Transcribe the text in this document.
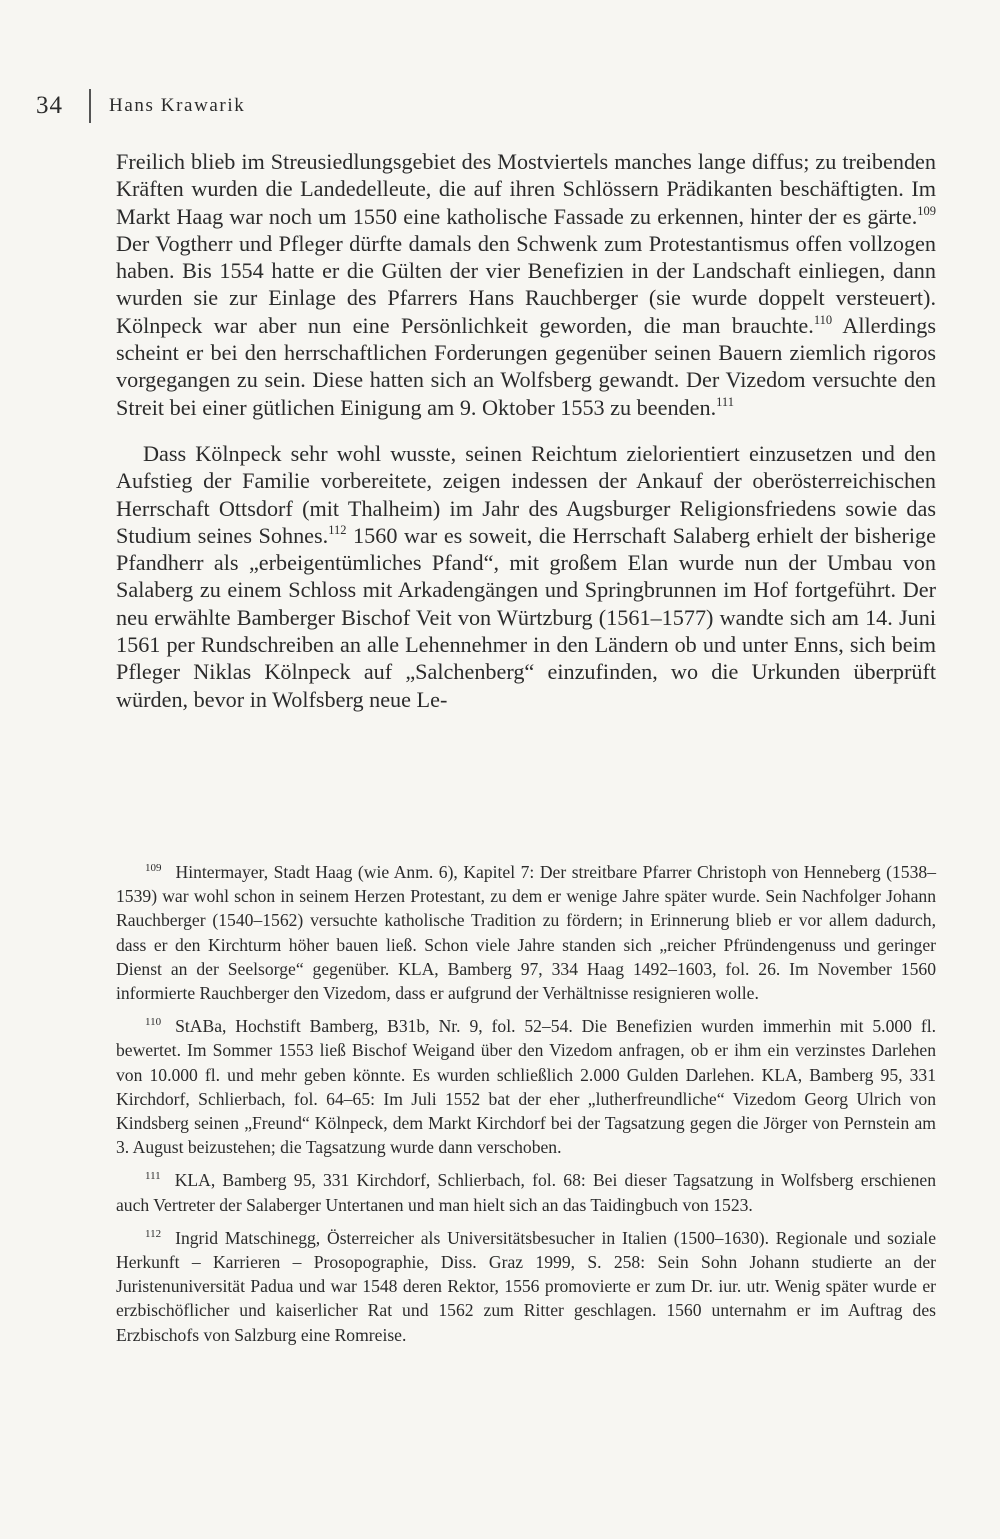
34 Hans Krawarik

Freilich blieb im Streusiedlungsgebiet des Mostviertels manches lange diffus; zu treibenden Kräften wurden die Landedelleute, die auf ihren Schlössern Prädikanten beschäftigten. Im Markt Haag war noch um 1550 eine katholische Fassade zu erkennen, hinter der es gärte.$^{109}$ Der Vogtherr und Pfleger dürfte damals den Schwenk zum Protestantismus offen vollzogen haben. Bis 1554 hatte er die Gülten der vier Benefizien in der Landschaft einliegen, dann wurden sie zur Einlage des Pfarrers Hans Rauchberger (sie wurde doppelt versteuert). Kölnpeck war aber nun eine Persönlichkeit geworden, die man brauchte.$^{110}$ Allerdings scheint er bei den herrschaftlichen Forderungen gegenüber seinen Bauern ziemlich rigoros vorgegangen zu sein. Diese hatten sich an Wolfsberg gewandt. Der Vizedom versuchte den Streit bei einer gütlichen Einigung am 9. Oktober 1553 zu beenden.$^{111}$

Dass Kölnpeck sehr wohl wusste, seinen Reichtum zielorientiert einzusetzen und den Aufstieg der Familie vorbereitete, zeigen indessen der Ankauf der oberösterreichischen Herrschaft Ottsdorf (mit Thalheim) im Jahr des Augsburger Religionsfriedens sowie das Studium seines Sohnes.$^{112}$ 1560 war es soweit, die Herrschaft Salaberg erhielt der bisherige Pfandherr als „erbeigentümliches Pfand“, mit großem Elan wurde nun der Umbau von Salaberg zu einem Schloss mit Arkadengängen und Springbrunnen im Hof fortgeführt. Der neu erwählte Bamberger Bischof Veit von Würtzburg (1561–1577) wandte sich am 14. Juni 1561 per Rundschreiben an alle Lehennehmer in den Ländern ob und unter Enns, sich beim Pfleger Niklas Kölnpeck auf „Salchenberg“ einzufinden, wo die Urkunden überprüft würden, bevor in Wolfsberg neue Le-

109 Hintermayer, Stadt Haag (wie Anm. 6), Kapitel 7: Der streitbare Pfarrer Christoph von Henneberg (1538–1539) war wohl schon in seinem Herzen Protestant, zu dem er wenige Jahre später wurde. Sein Nachfolger Johann Rauchberger (1540–1562) versuchte katholische Tradition zu fördern; in Erinnerung blieb er vor allem dadurch, dass er den Kirchturm höher bauen ließ. Schon viele Jahre standen sich „reicher Pfründengenuss und geringer Dienst an der Seelsorge“ gegenüber. KLA, Bamberg 97, 334 Haag 1492–1603, fol. 26. Im November 1560 informierte Rauchberger den Vizedom, dass er aufgrund der Verhältnisse resignieren wolle.

110 StABa, Hochstift Bamberg, B31b, Nr. 9, fol. 52–54. Die Benefizien wurden immerhin mit 5.000 fl. bewertet. Im Sommer 1553 ließ Bischof Weigand über den Vizedom anfragen, ob er ihm ein verzinstes Darlehen von 10.000 fl. und mehr geben könnte. Es wurden schließlich 2.000 Gulden Darlehen. KLA, Bamberg 95, 331 Kirchdorf, Schlierbach, fol. 64–65: Im Juli 1552 bat der eher „lutherfreundliche“ Vizedom Georg Ulrich von Kindsberg seinen „Freund“ Kölnpeck, dem Markt Kirchdorf bei der Tagsatzung gegen die Jörger von Pernstein am 3. August beizustehen; die Tagsatzung wurde dann verschoben.

111 KLA, Bamberg 95, 331 Kirchdorf, Schlierbach, fol. 68: Bei dieser Tagsatzung in Wolfsberg erschienen auch Vertreter der Salaberger Untertanen und man hielt sich an das Taidingbuch von 1523.

112 Ingrid Matschinegg, Österreicher als Universitätsbesucher in Italien (1500–1630). Regionale und soziale Herkunft – Karrieren – Prosopographie, Diss. Graz 1999, S. 258: Sein Sohn Johann studierte an der Juristenuniversität Padua und war 1548 deren Rektor, 1556 promovierte er zum Dr. iur. utr. Wenig später wurde er erzbischöflicher und kaiserlicher Rat und 1562 zum Ritter geschlagen. 1560 unternahm er im Auftrag des Erzbischofs von Salzburg eine Romreise.
